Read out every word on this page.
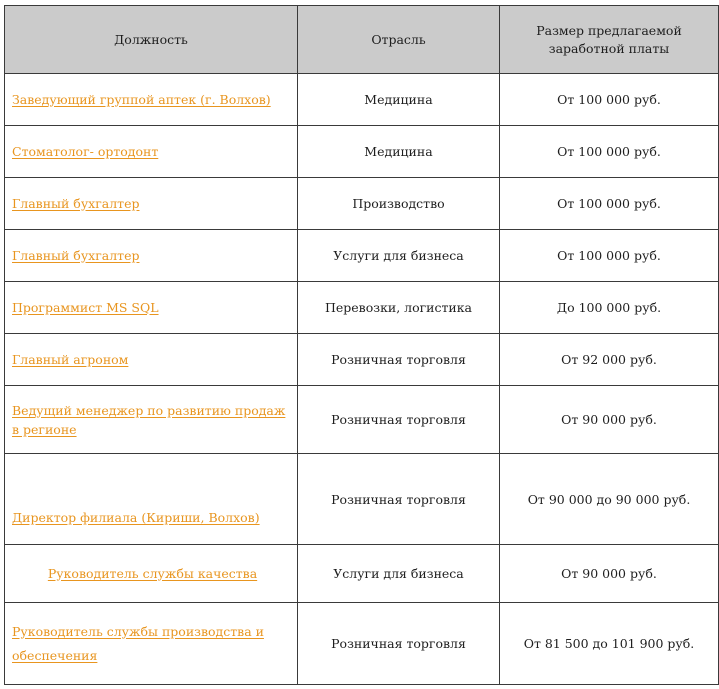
Должность	Отрасль	Размер предлагаемой заработной платы
Заведующий группой аптек (г. Волхов)	Медицина	От 100 000 руб.
Стоматолог- ортодонт	Медицина	От 100 000 руб.
Главный бухгалтер	Производство	От 100 000 руб.
Главный бухгалтер	Услуги для бизнеса	От 100 000 руб.
Программист MS SQL	Перевозки, логистика	До 100 000 руб.
Главный агроном	Розничная торговля	От 92 000 руб.
Ведущий менеджер по развитию продаж в регионе	Розничная торговля	От 90 000 руб.
Директор филиала (Кириши, Волхов)	Розничная торговля	От 90 000 до 90 000 руб.
Руководитель службы качества	Услуги для бизнеса	От 90 000 руб.
Руководитель службы производства и обеспечения	Розничная торговля	От 81 500 до 101 900 руб.
